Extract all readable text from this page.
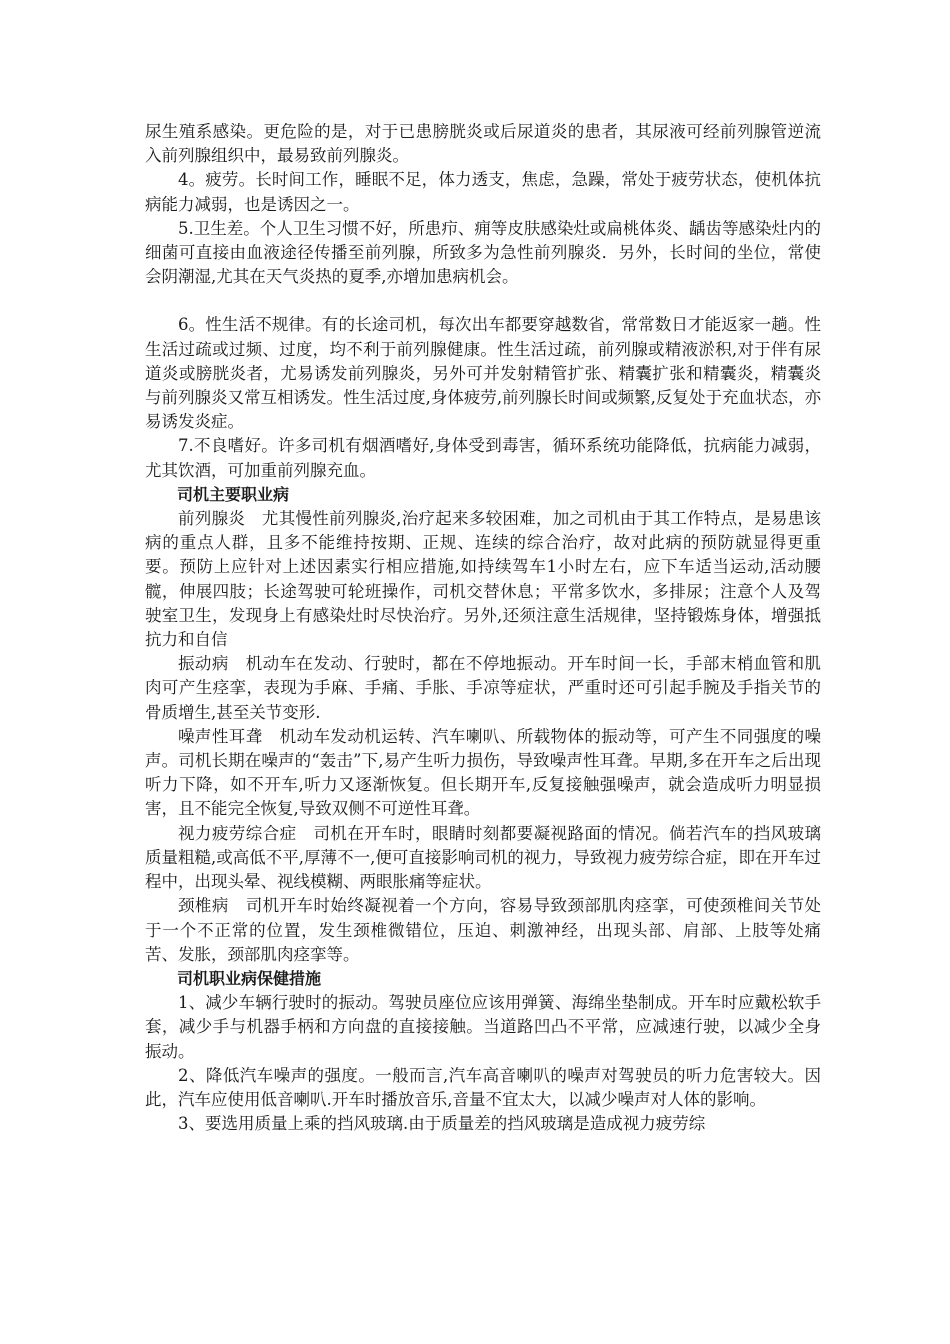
尿生殖系感染。更危险的是，对于已患膀胱炎或后尿道炎的患者，其尿液可经前列腺管逆流入前列腺组织中，最易致前列腺炎。

4。疲劳。长时间工作，睡眠不足，体力透支，焦虑，急躁，常处于疲劳状态，使机体抗病能力减弱，也是诱因之一。

5.卫生差。个人卫生习惯不好，所患疖、痈等皮肤感染灶或扁桃体炎、龋齿等感染灶内的细菌可直接由血液途径传播至前列腺，所致多为急性前列腺炎．另外，长时间的坐位，常使会阴潮湿,尤其在天气炎热的夏季,亦增加患病机会。

6。性生活不规律。有的长途司机，每次出车都要穿越数省，常常数日才能返家一趟。性生活过疏或过频、过度，均不利于前列腺健康。性生活过疏，前列腺或精液淤积,对于伴有尿道炎或膀胱炎者，尤易诱发前列腺炎，另外可并发射精管扩张、精囊扩张和精囊炎，精囊炎与前列腺炎又常互相诱发。性生活过度,身体疲劳,前列腺长时间或频繁,反复处于充血状态，亦易诱发炎症。

7.不良嗜好。许多司机有烟酒嗜好,身体受到毒害，循环系统功能降低，抗病能力减弱，尤其饮酒，可加重前列腺充血。

司机主要职业病

前列腺炎　尤其慢性前列腺炎,治疗起来多较困难，加之司机由于其工作特点，是易患该病的重点人群，且多不能维持按期、正规、连续的综合治疗，故对此病的预防就显得更重要。预防上应针对上述因素实行相应措施,如持续驾车1小时左右，应下车适当运动,活动腰髋，伸展四肢；长途驾驶可轮班操作，司机交替休息；平常多饮水，多排尿；注意个人及驾驶室卫生，发现身上有感染灶时尽快治疗。另外,还须注意生活规律，坚持锻炼身体，增强抵抗力和自信

振动病　机动车在发动、行驶时，都在不停地振动。开车时间一长，手部末梢血管和肌肉可产生痉挛，表现为手麻、手痛、手胀、手凉等症状，严重时还可引起手腕及手指关节的骨质增生,甚至关节变形.

噪声性耳聋　机动车发动机运转、汽车喇叭、所载物体的振动等，可产生不同强度的噪声。司机长期在噪声的“轰击”下,易产生听力损伤，导致噪声性耳聋。早期,多在开车之后出现听力下降，如不开车,听力又逐渐恢复。但长期开车,反复接触强噪声，就会造成听力明显损害，且不能完全恢复,导致双侧不可逆性耳聋。

视力疲劳综合症　司机在开车时，眼睛时刻都要凝视路面的情况。倘若汽车的挡风玻璃质量粗糙,或高低不平,厚薄不一,便可直接影响司机的视力，导致视力疲劳综合症，即在开车过程中，出现头晕、视线模糊、两眼胀痛等症状。

颈椎病　司机开车时始终凝视着一个方向，容易导致颈部肌肉痉挛，可使颈椎间关节处于一个不正常的位置，发生颈椎微错位，压迫、刺激神经，出现头部、肩部、上肢等处痛苦、发胀，颈部肌肉痉挛等。

司机职业病保健措施

1、减少车辆行驶时的振动。驾驶员座位应该用弹簧、海绵坐垫制成。开车时应戴松软手套，减少手与机器手柄和方向盘的直接接触。当道路凹凸不平常，应减速行驶，以减少全身振动。

2、降低汽车噪声的强度。一般而言,汽车高音喇叭的噪声对驾驶员的听力危害较大。因此，汽车应使用低音喇叭.开车时播放音乐,音量不宜太大，以减少噪声对人体的影响。

3、要选用质量上乘的挡风玻璃.由于质量差的挡风玻璃是造成视力疲劳综
